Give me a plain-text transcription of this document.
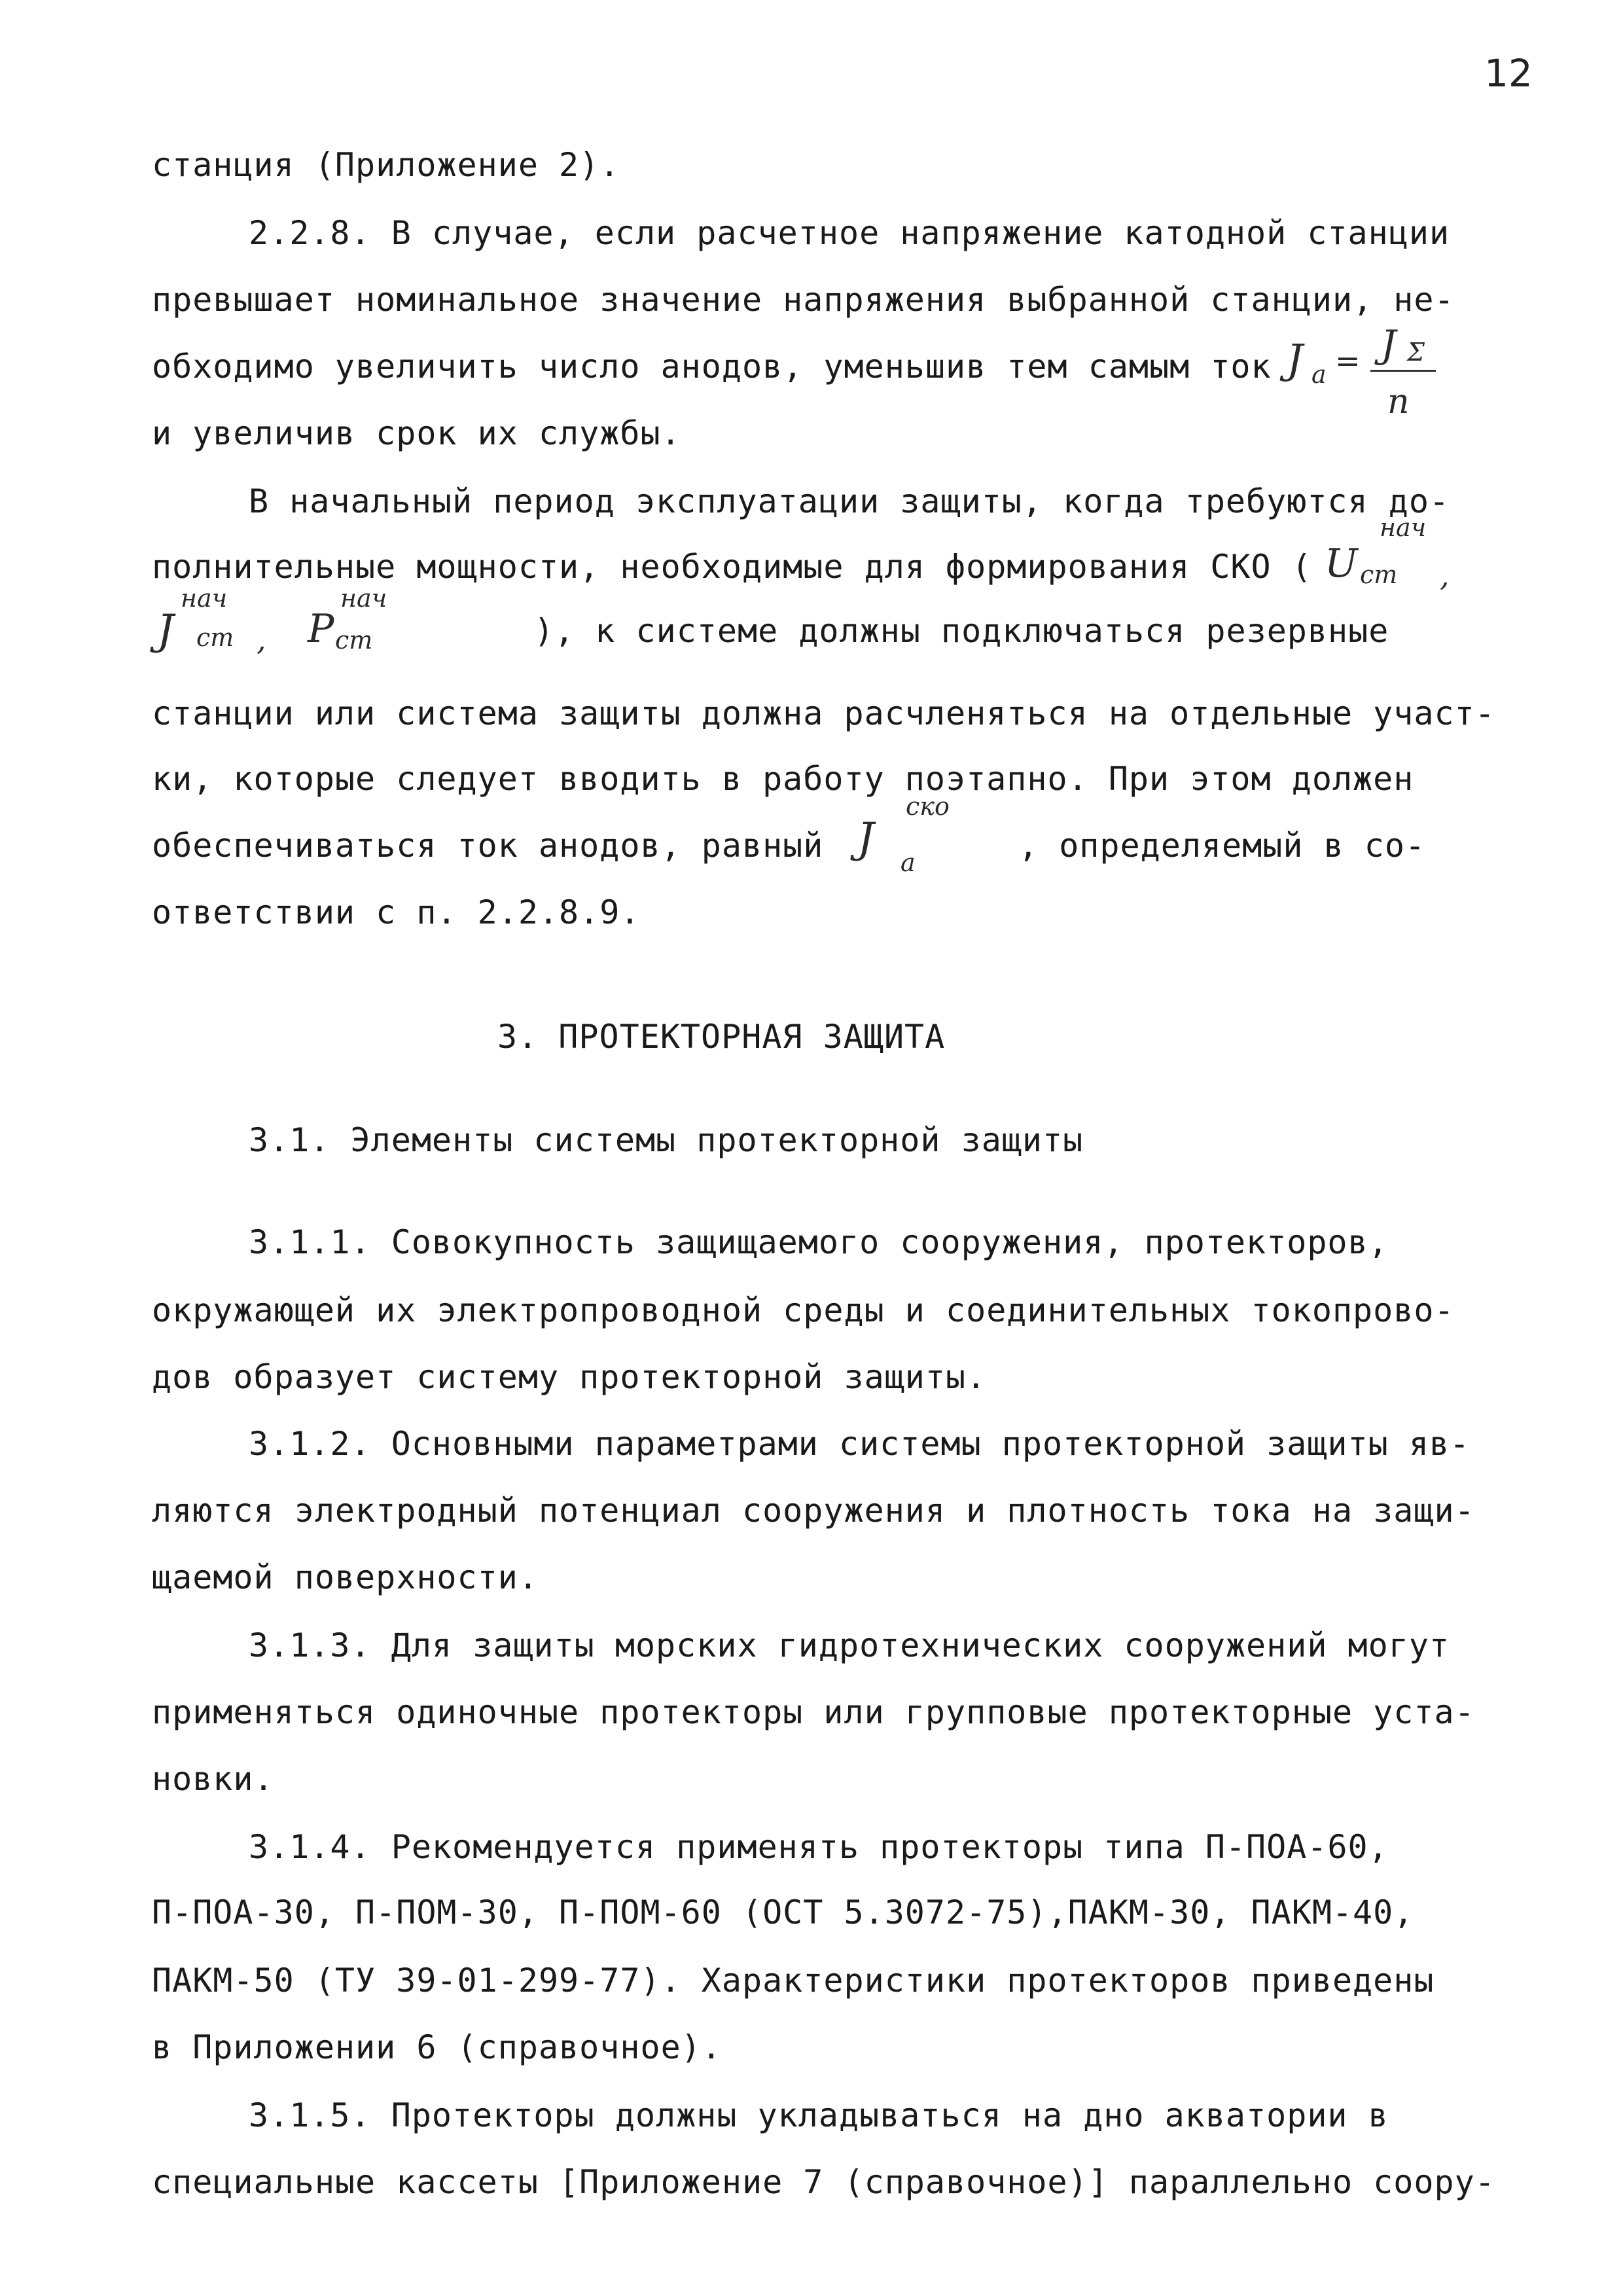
12
станция (Приложение 2).
2.2.8. В случае, если расчетное напряжение катодной станции
превышает номинальное значение напряжения выбранной станции, не-
обходимо увеличить число анодов, уменьшив тем самым ток J a = J Σ
n
и увеличив срок их службы.
В начальный период эксплуатации защиты, когда требуются до-
полнительные мощности, необходимые для формирования СКО (
нач
U ст ,
нач
J ст ,
нач
P ст	), к системе должны подключаться резервные
станции или система защиты должна расчленяться на отдельные участ-
ки, которые следует вводить в работу поэтапно. При этом должен
обеспечиваться ток анодов, равный
ско
J a	, определяемый в со-
ответствии с п. 2.2.8.9.
3. ПРОТЕКТОРНАЯ ЗАЩИТА
3.1. Элементы системы протекторной защиты
3.1.1. Совокупность защищаемого сооружения, протекторов,
окружающей их электропроводной среды и соединительных токопрово-
дов образует систему протекторной защиты.
3.1.2. Основными параметрами системы протекторной защиты яв-
ляются электродный потенциал сооружения и плотность тока на защи-
щаемой поверхности.
3.1.3. Для защиты морских гидротехнических сооружений могут
применяться одиночные протекторы или групповые протекторные уста-
новки.
3.1.4. Рекомендуется применять протекторы типа П-ПОА-60,
П-ПОА-30, П-ПОМ-30, П-ПОМ-60 (ОСТ 5.3072-75),ПАКМ-30, ПАКМ-40,
ПАКМ-50 (ТУ 39-01-299-77). Характеристики протекторов приведены
в Приложении 6 (справочное).
3.1.5. Протекторы должны укладываться на дно акватории в
специальные кассеты [Приложение 7 (справочное)] параллельно соору-
